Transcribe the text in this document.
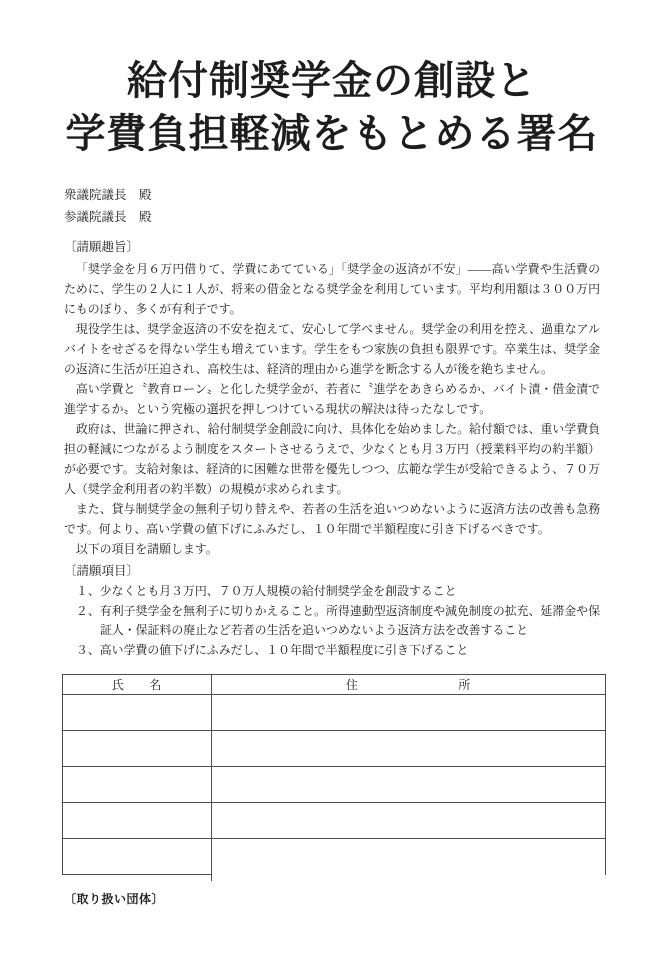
給付制奨学金の創設と
学費負担軽減をもとめる署名
衆議院議長　殿
参議院議長　殿
〔請願趣旨〕

「奨学金を月６万円借りて、学費にあてている」「奨学金の返済が不安」――高い学費や生活費のために、学生の２人に１人が、将来の借金となる奨学金を利用しています。平均利用額は３００万円にものぼり、多くが有利子です。

現役学生は、奨学金返済の不安を抱えて、安心して学べません。奨学金の利用を控え、過重なアルバイトをせざるを得ない学生も増えています。学生をもつ家族の負担も限界です。卒業生は、奨学金の返済に生活が圧迫され、高校生は、経済的理由から進学を断念する人が後を絶ちません。

高い学費と〝教育ローン〟と化した奨学金が、若者に〝進学をあきらめるか、バイト漬・借金漬で進学するか〟という究極の選択を押しつけている現状の解決は待ったなしです。

政府は、世論に押され、給付制奨学金創設に向け、具体化を始めました。給付額では、重い学費負担の軽減につながるよう制度をスタートさせるうえで、少なくとも月３万円（授業料平均の約半額）が必要です。支給対象は、経済的に困難な世帯を優先しつつ、広範な学生が受給できるよう、７０万人（奨学金利用者の約半数）の規模が求められます。

また、貸与制奨学金の無利子切り替えや、若者の生活を追いつめないように返済方法の改善も急務です。何より、高い学費の値下げにふみだし、１０年間で半額程度に引き下げるべきです。

以下の項目を請願します。

〔請願項目〕
１、少なくとも月３万円、７０万人規模の給付制奨学金を創設すること
２、有利子奨学金を無利子に切りかえること。所得連動型返済制度や減免制度の拡充、延滞金や保証人・保証料の廃止など若者の生活を追いつめないよう返済方法を改善すること
３、高い学費の値下げにふみだし、１０年間で半額程度に引き下げること
氏　　名	住　　　　　　　　所

〔取り扱い団体〕
